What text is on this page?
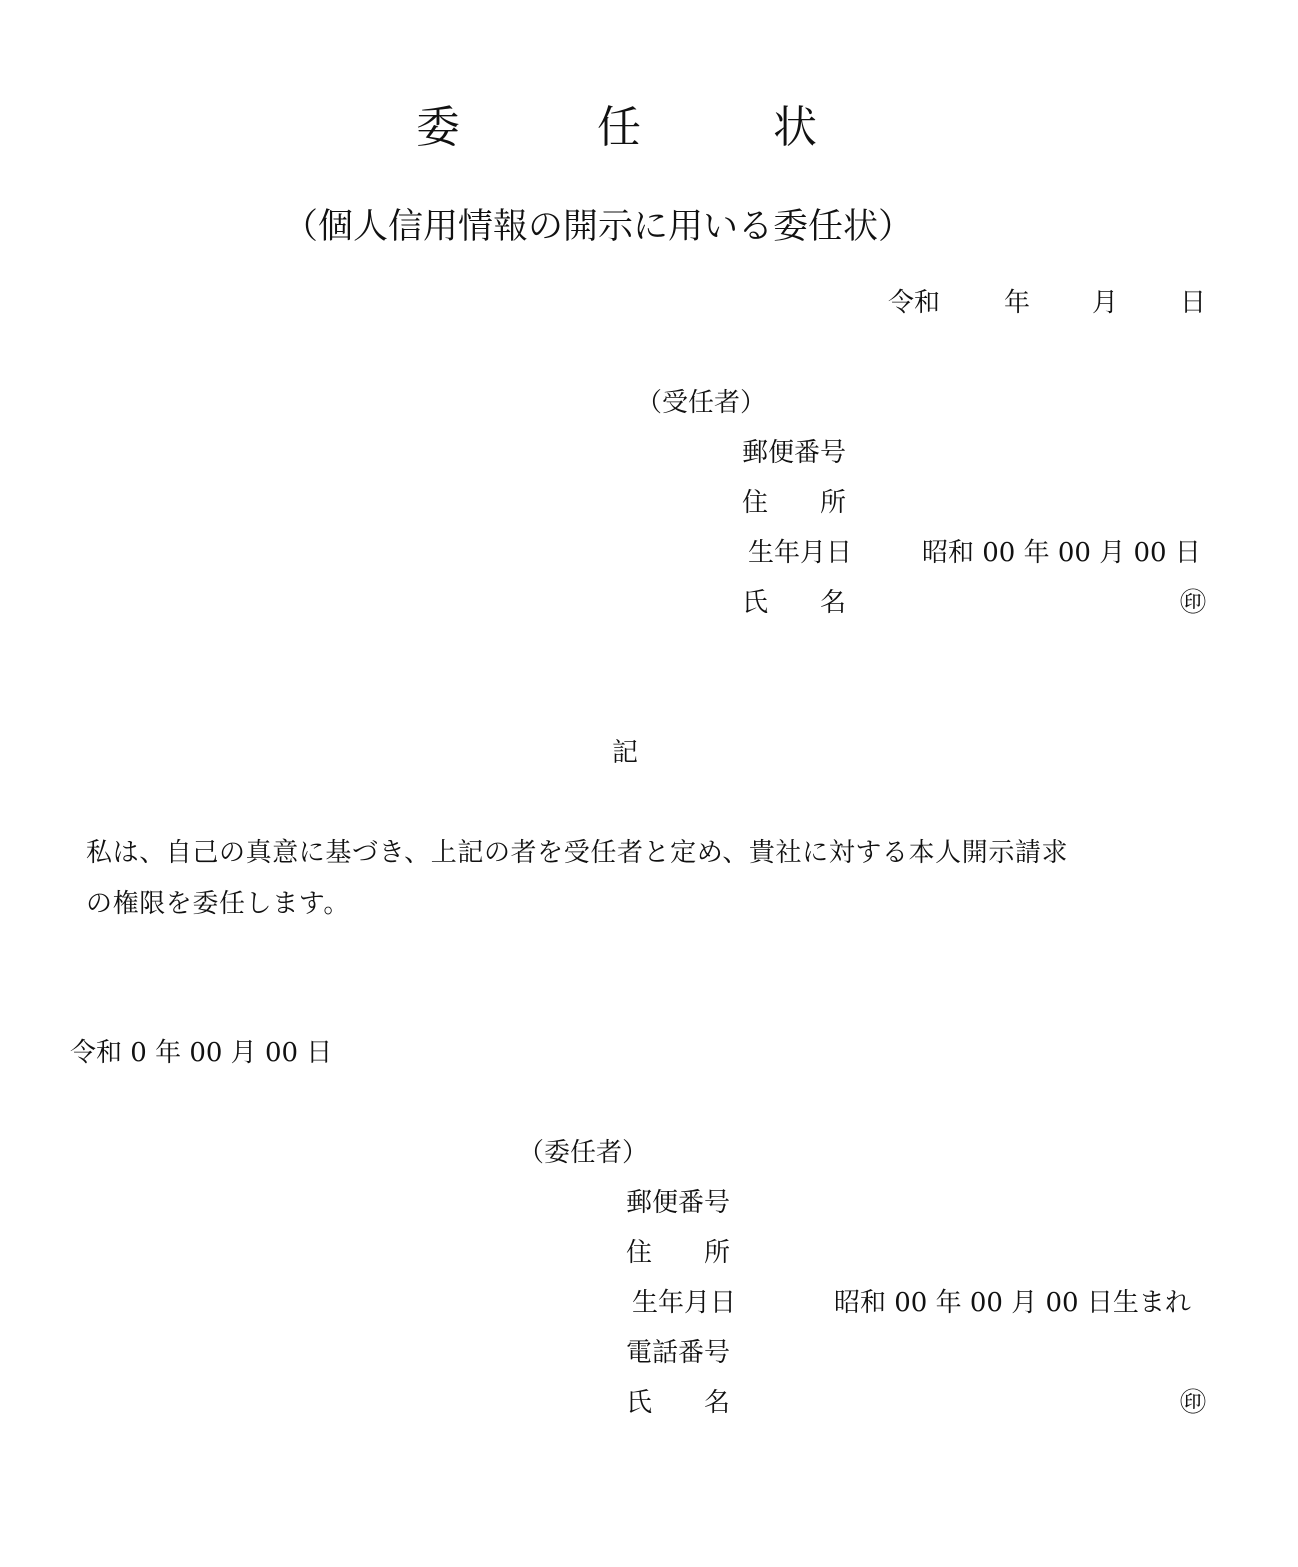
委	任	状
（個人信用情報の開示に用いる委任状）
令和 年 月 日
（受任者）
郵便番号
住　　所
生年月日	昭和 00 年 00 月 00 日
氏　　名	㊞
記
私は、自己の真意に基づき、上記の者を受任者と定め、貴社に対する本人開示請求
の権限を委任します。
令和 0 年 00 月 00 日
（委任者）
郵便番号
住　　所
生年月日	昭和 00 年 00 月 00 日生まれ
電話番号
氏　　名	㊞
